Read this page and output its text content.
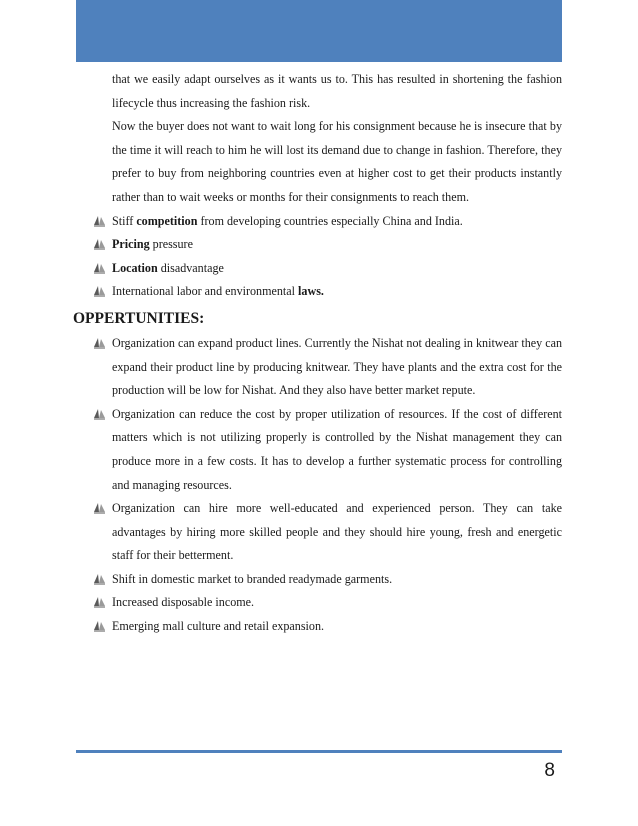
that we easily adapt ourselves as it wants us to. This has resulted in shortening the fashion lifecycle thus increasing the fashion risk.

Now the buyer does not want to wait long for his consignment because he is insecure that by the time it will reach to him he will lost its demand due to change in fashion. Therefore, they prefer to buy from neighboring countries even at higher cost to get their products instantly rather than to wait weeks or months for their consignments to reach them.

Stiff competition from developing countries especially China and India.
Pricing pressure
Location disadvantage
International labor and environmental laws.
OPPERTUNITIES:
Organization can expand product lines. Currently the Nishat not dealing in knitwear they can expand their product line by producing knitwear. They have plants and the extra cost for the production will be low for Nishat. And they also have better market repute.
Organization can reduce the cost by proper utilization of resources. If the cost of different matters which is not utilizing properly is controlled by the Nishat management they can produce more in a few costs. It has to develop a further systematic process for controlling and managing resources.
Organization can hire more well-educated and experienced person. They can take advantages by hiring more skilled people and they should hire young, fresh and energetic staff for their betterment.
Shift in domestic market to branded readymade garments.
Increased disposable income.
Emerging mall culture and retail expansion.
8
